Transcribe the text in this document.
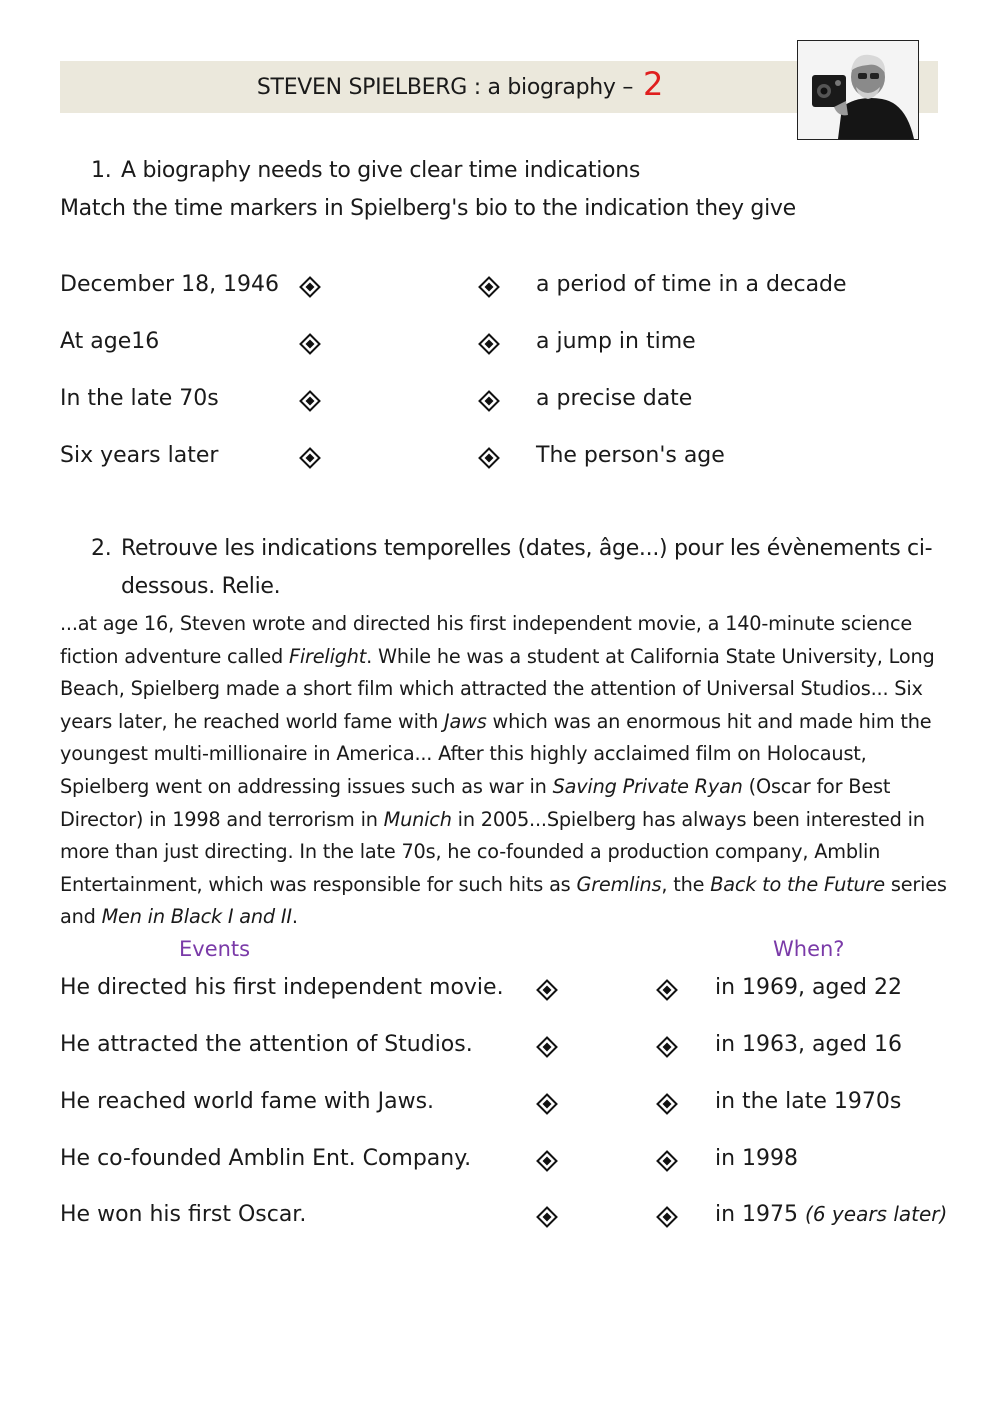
STEVEN SPIELBERG : a biography – 2
1. A biography needs to give clear time indications
Match the time markers in Spielberg's bio to the indication they give
December 18, 1946
At age16
In the late 70s
Six years later
a period of time in a decade
a jump in time
a precise date
The person's age
2. Retrouve les indications temporelles (dates, âge...) pour les évènements ci-
dessous. Relie.
...at age 16, Steven wrote and directed his first independent movie, a 140-minute science fiction adventure called Firelight. While he was a student at California State University, Long Beach, Spielberg made a short film which attracted the attention of Universal Studios... Six years later, he reached world fame with Jaws which was an enormous hit and made him the youngest multi-millionaire in America... After this highly acclaimed film on Holocaust, Spielberg went on addressing issues such as war in Saving Private Ryan (Oscar for Best Director) in 1998 and terrorism in Munich in 2005...Spielberg has always been interested in more than just directing. In the late 70s, he co-founded a production company, Amblin Entertainment, which was responsible for such hits as Gremlins, the Back to the Future series and Men in Black I and II.
Events	When?
He directed his first independent movie.
He attracted the attention of Studios.
He reached world fame with Jaws.
He co-founded Amblin Ent. Company.
He won his first Oscar.
in 1969, aged 22
in 1963, aged 16
in the late 1970s
in 1998
in 1975 (6 years later)
